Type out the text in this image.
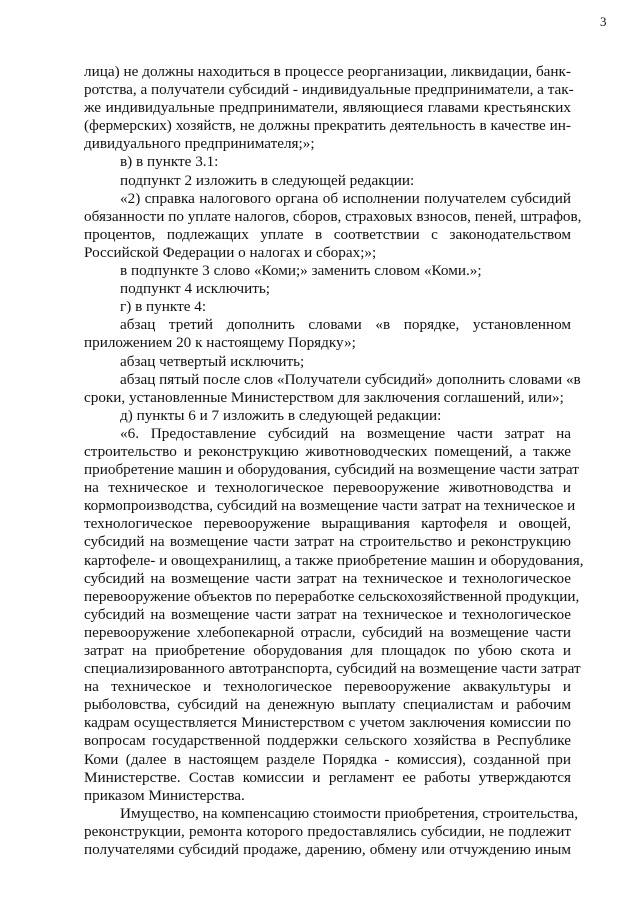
3
лица) не должны находиться в процессе реорганизации, ликвидации, банк-
ротства, а получатели субсидий - индивидуальные предприниматели, а так-
же индивидуальные предприниматели, являющиеся главами крестьянских
(фермерских) хозяйств, не должны прекратить деятельность в качестве ин-
дивидуального предпринимателя;»;
в) в пункте 3.1:
подпункт 2 изложить в следующей редакции:
«2) справка налогового органа об исполнении получателем субсидий
обязанности по уплате налогов, сборов, страховых взносов, пеней, штрафов,
процентов, подлежащих уплате в соответствии с законодательством
Российской Федерации о налогах и сборах;»;
в подпункте 3 слово «Коми;» заменить словом «Коми.»;
подпункт 4 исключить;
г) в пункте 4:
абзац третий дополнить словами «в порядке, установленном
приложением 20 к настоящему Порядку»;
абзац четвертый исключить;
абзац пятый после слов «Получатели субсидий» дополнить словами «в
сроки, установленные Министерством для заключения соглашений, или»;
д) пункты 6 и 7 изложить в следующей редакции:
«6. Предоставление субсидий на возмещение части затрат на
строительство и реконструкцию животноводческих помещений, а также
приобретение машин и оборудования, субсидий на возмещение части затрат
на техническое и технологическое перевооружение животноводства и
кормопроизводства, субсидий на возмещение части затрат на техническое и
технологическое перевооружение выращивания картофеля и овощей,
субсидий на возмещение части затрат на строительство и реконструкцию
картофеле- и овощехранилищ, а также приобретение машин и оборудования,
субсидий на возмещение части затрат на техническое и технологическое
перевооружение объектов по переработке сельскохозяйственной продукции,
субсидий на возмещение части затрат на техническое и технологическое
перевооружение хлебопекарной отрасли, субсидий на возмещение части
затрат на приобретение оборудования для площадок по убою скота и
специализированного автотранспорта, субсидий на возмещение части затрат
на техническое и технологическое перевооружение аквакультуры и
рыболовства, субсидий на денежную выплату специалистам и рабочим
кадрам осуществляется Министерством с учетом заключения комиссии по
вопросам государственной поддержки сельского хозяйства в Республике
Коми (далее в настоящем разделе Порядка - комиссия), созданной при
Министерстве. Состав комиссии и регламент ее работы утверждаются
приказом Министерства.
Имущество, на компенсацию стоимости приобретения, строительства,
реконструкции, ремонта которого предоставлялись субсидии, не подлежит
получателями субсидий продаже, дарению, обмену или отчуждению иным
